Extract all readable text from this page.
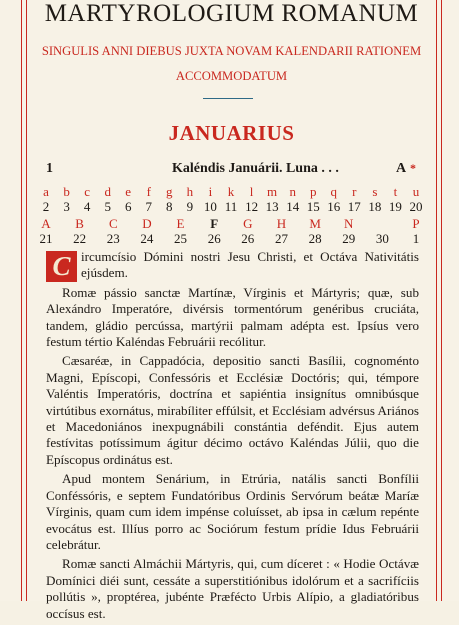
MARTYROLOGIUM ROMANUM
SINGULIS ANNI DIEBUS JUXTA NOVAM KALENDARII RATIONEM
ACCOMMODATUM
JANUARIUS
1	Kaléndis Januárii. Luna . . .	A *
a	b	c	d	e	f	g	h	i	k	l	m n	p	q	r	s	t	u
2	3	4	5	6	7	8	9 10 11 12 13 14 15 16 17 18 19 20
A	B	C	D	E	F	G	H	M	N	P
21	22	23	24	25	26	26	27	28	29	30	1

C ircumcísio Dómini nostri Jesu Christi, et Octáva Nativitátis ejúsdem.

Romæ pássio sanctæ Martínæ, Vírginis et Mártyris; quæ, sub Alexándro Imperatóre, divérsis tormentórum genéribus cruciáta, tandem, gládio percússa, martýrii palmam adépta est. Ipsíus vero festum tértio Kaléndas Februárii recólitur.

Cæsaréæ, in Cappadócia, depositio sancti Basílii, cognoménto Magni, Epíscopi, Confessóris et Ecclésiæ Doctóris; qui, témpore Valéntis Imperatóris, doctrína et sapiéntia insignítus omnibúsque virtútibus exornátus, mirabíliter effúlsit, et Ecclésiam advérsus Ariános et Macedoniános inexpugnábili constántia deféndit. Ejus autem festívitas potíssimum ágitur décimo octávo Kaléndas Júlii, quo die Epíscopus ordinátus est.

Apud montem Senárium, in Etrúria, natális sancti Bonfílii Conféssóris, e septem Fundatóribus Ordinis Servórum beátæ Maríæ Vírginis, quam cum idem impénse coluísset, ab ipsa in cælum repénte evocátus est. Illíus porro ac Sociórum festum prídie Idus Februárii celebrátur.

Romæ sancti Almáchii Mártyris, qui, cum díceret : « Hodie Octávæ Domínici diéi sunt, cessáte a superstitiónibus idolórum et a sacrifíciis pollútis », proptérea, jubénte Præfécto Urbis Alípio, a gladiatóribus occísus est.
